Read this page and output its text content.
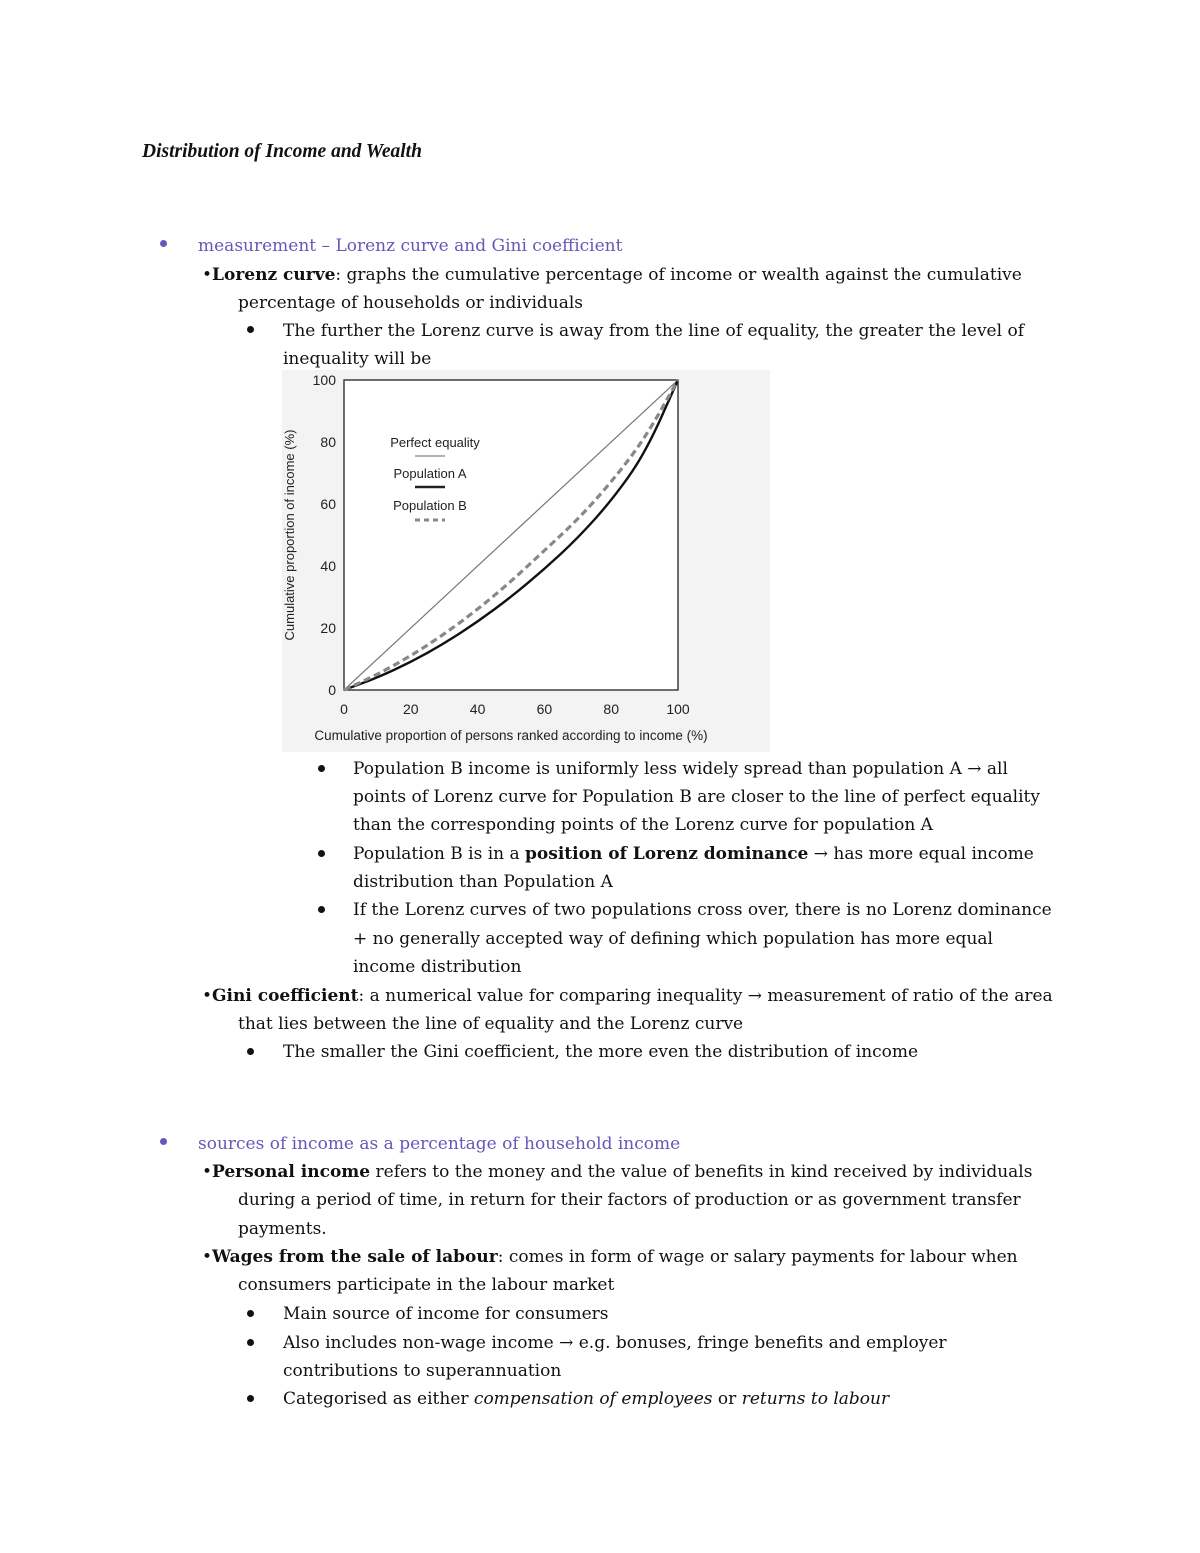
Distribution of Income and Wealth
measurement – Lorenz curve and Gini coefficient
•Lorenz curve: graphs the cumulative percentage of income or wealth against the cumulative
percentage of households or individuals
The further the Lorenz curve is away from the line of equality, the greater the level of
inequality will be
0	20	40	60	80	100
0
20
40
60
80
100
Cumulative proportion of income (%)
Cumulative proportion of persons ranked according to income (%)
Perfect equality
Population A
Population B
Population B income is uniformly less widely spread than population A → all
points of Lorenz curve for Population B are closer to the line of perfect equality
than the corresponding points of the Lorenz curve for population A
Population B is in a position of Lorenz dominance → has more equal income
distribution than Population A
If the Lorenz curves of two populations cross over, there is no Lorenz dominance
+ no generally accepted way of defining which population has more equal
income distribution
•Gini coefficient: a numerical value for comparing inequality → measurement of ratio of the area
that lies between the line of equality and the Lorenz curve
The smaller the Gini coefficient, the more even the distribution of income
sources of income as a percentage of household income
•Personal income refers to the money and the value of benefits in kind received by individuals
during a period of time, in return for their factors of production or as government transfer
payments.
•Wages from the sale of labour: comes in form of wage or salary payments for labour when
consumers participate in the labour market
Main source of income for consumers
Also includes non-wage income → e.g. bonuses, fringe benefits and employer
contributions to superannuation
Categorised as either compensation of employees or returns to labour
